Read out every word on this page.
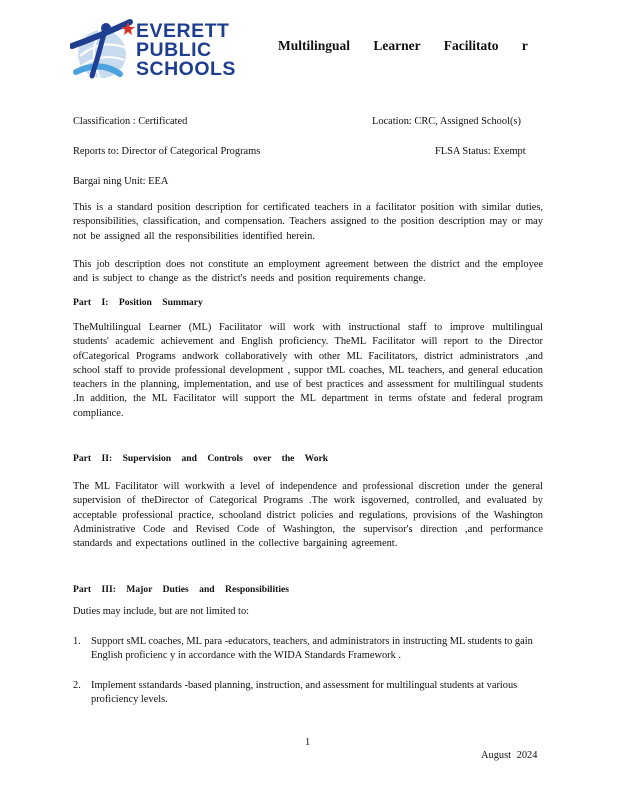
EVERETT
PUBLIC
SCHOOLS
Multilingual Learner Facilitato r
Classification : Certificated	Location: CRC, Assigned School(s)
Reports to: Director of Categorical Programs	FLSA Status: Exempt
Bargai ning Unit: EEA
This is a standard position description for certificated teachers in a facilitator position with similar duties, responsibilities, classification, and compensation. Teachers assigned to the position description may or may not be assigned all the responsibilities identified herein.
This job description does not constitute an employment agreement between the district and the employee and is subject to change as the district's needs and position requirements change.
Part I: Position Summary
TheMultilingual Learner (ML) Facilitator will work with instructional staff to improve multilingual students' academic achievement and English proficiency. TheML Facilitator will report to the Director ofCategorical Programs andwork collaboratively with other ML Facilitators, district administrators ,and school staff to provide professional development , suppor tML coaches, ML teachers, and general education teachers in the planning, implementation, and use of best practices and assessment for multilingual students .In addition, the ML Facilitator will support the ML department in terms ofstate and federal program compliance.
Part II: Supervision and Controls over the Work
The ML Facilitator will workwith a level of independence and professional discretion under the general supervision of theDirector of Categorical Programs .The work isgoverned, controlled, and evaluated by acceptable professional practice, schooland district policies and regulations, provisions of the Washington Administrative Code and Revised Code of Washington, the supervisor's direction ,and performance standards and expectations outlined in the collective bargaining agreement.
Part III: Major Duties and Responsibilities
Duties may include, but are not limited to:
1. Support sML coaches, ML para -educators, teachers, and administrators in instructing ML students to gain English proficienc y in accordance with the WIDA Standards Framework .
2. Implement sstandards -based planning, instruction, and assessment for multilingual students at various proficiency levels.
1
August 2024
